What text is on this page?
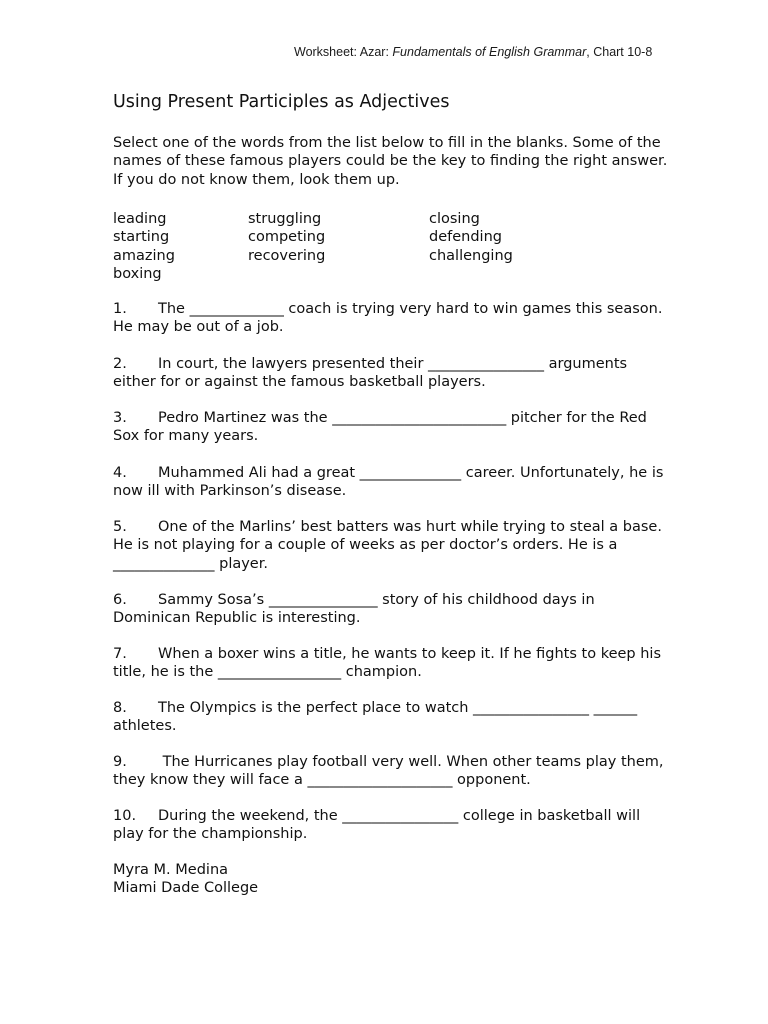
Worksheet: Azar: Fundamentals of English Grammar, Chart 10-8
Using Present Participles as Adjectives
Select one of the words from the list below to fill in the blanks. Some of the names of these famous players could be the key to finding the right answer. If you do not know them, look them up.
leading	struggling	closing
starting	competing	defending
amazing	recovering	challenging
boxing
1. The _____________ coach is trying very hard to win games this season. He may be out of a job.
2. In court, the lawyers presented their ________________ arguments either for or against the famous basketball players.
3. Pedro Martinez was the ________________________ pitcher for the Red Sox for many years.
4. Muhammed Ali had a great ______________ career. Unfortunately, he is now ill with Parkinson’s disease.
5. One of the Marlins’ best batters was hurt while trying to steal a base. He is not playing for a couple of weeks as per doctor’s orders. He is a ______________ player.
6. Sammy Sosa’s _______________ story of his childhood days in Dominican Republic is interesting.
7. When a boxer wins a title, he wants to keep it. If he fights to keep his title, he is the _________________ champion.
8. The Olympics is the perfect place to watch ________________ ______ athletes.
9. The Hurricanes play football very well. When other teams play them, they know they will face a ____________________ opponent.
10. During the weekend, the ________________ college in basketball will play for the championship.
Myra M. Medina
Miami Dade College
